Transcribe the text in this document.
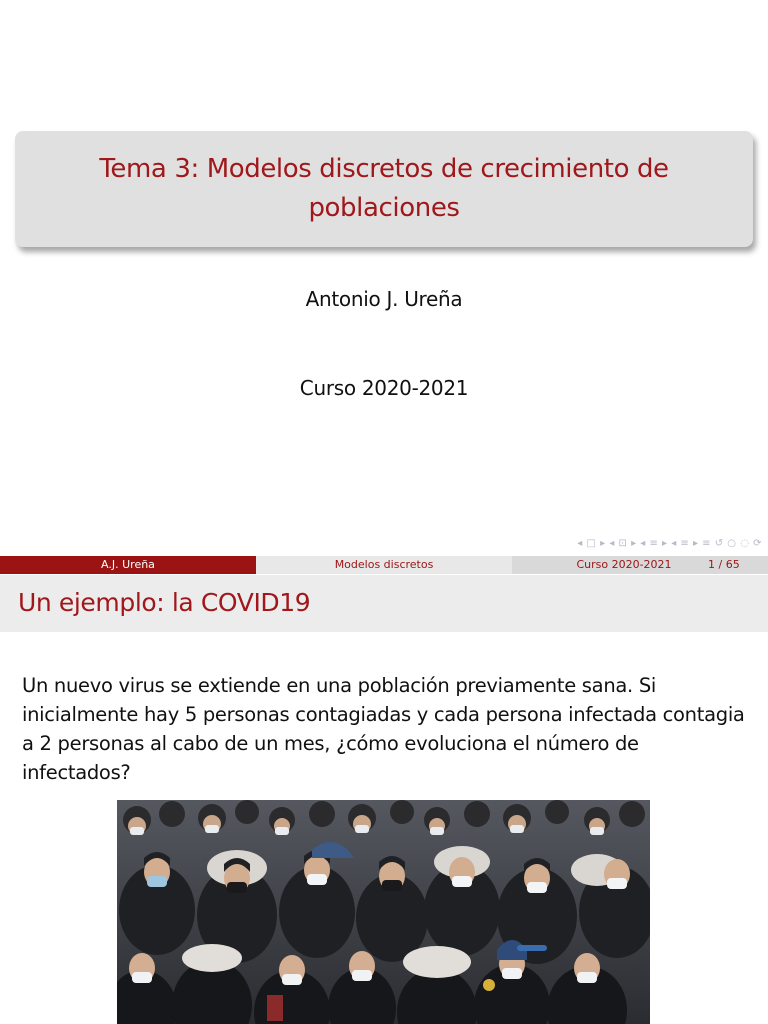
Tema 3: Modelos discretos de crecimiento de
poblaciones
Antonio J. Ureña
Curso 2020-2021
◂ □ ▸ ◂ ⊡ ▸ ◂ ≡ ▸ ◂ ≡ ▸ ≡ ↺ ○ ◌ ⟳
A.J. Ureña	Modelos discretos	Curso 2020-2021	1 / 65
Un ejemplo: la COVID19
Un nuevo virus se extiende en una población previamente sana. Si inicialmente hay 5 personas contagiadas y cada persona infectada contagia a 2 personas al cabo de un mes, ¿cómo evoluciona el número de infectados?
